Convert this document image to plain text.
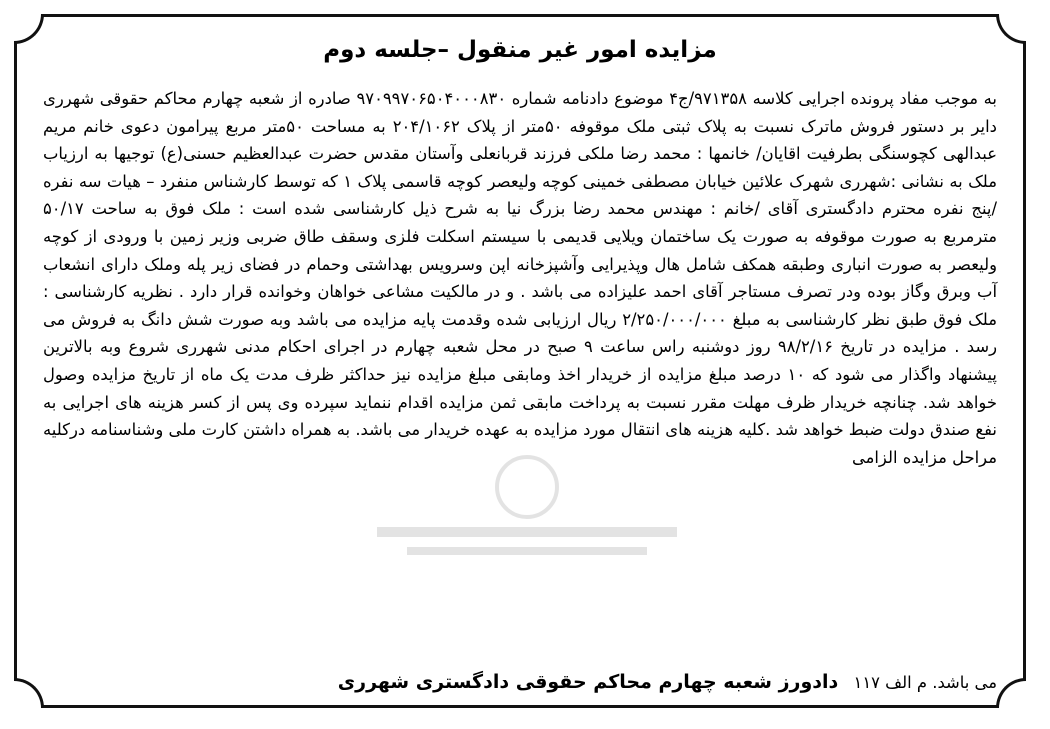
مزایده امور غیر منقول –جلسه دوم
به موجب مفاد پرونده اجرایی کلاسه ۹۷۱۳۵۸/ج۴ موضوع دادنامه شماره ۹۷۰۹۹۷۰۶۵۰۴۰۰۰۸۳۰ صادره از شعبه چهارم محاکم حقوقی شهرری دایر بر دستور فروش ماترک نسبت به پلاک ثبتی ملک موقوفه ۵۰متر از پلاک ۲۰۴/۱۰۶۲ به مساحت ۵۰متر مربع پیرامون دعوی خانم مریم عبدالهی کچوسنگی بطرفیت اقایان/ خانمها : محمد رضا ملکی فرزند قربانعلی وآستان مقدس حضرت عبدالعظیم حسنی(ع) توجیها به ارزیاب ملک به نشانی :شهرری شهرک علائین خیابان مصطفی خمینی کوچه ولیعصر کوچه قاسمی پلاک ۱ که توسط کارشناس منفرد – هیات سه نفره /پنج نفره محترم دادگستری آقای /خانم : مهندس محمد رضا بزرگ نیا به شرح ذیل کارشناسی شده است : ملک فوق به ساحت ۵۰/۱۷ مترمربع به صورت موقوفه به صورت یک ساختمان ویلایی قدیمی با سیستم اسکلت فلزی وسقف طاق ضربی وزیر زمین با ورودی از کوچه ولیعصر به صورت انباری وطبقه همکف شامل هال وپذیرایی وآشپزخانه اپن وسرویس بهداشتی وحمام در فضای زیر پله وملک دارای انشعاب آب وبرق وگاز بوده ودر تصرف مستاجر آقای احمد علیزاده می باشد . و در مالکیت مشاعی خواهان وخوانده قرار دارد . نظریه کارشناسی : ملک فوق طبق نظر کارشناسی به مبلغ ۲/۲۵۰/۰۰۰/۰۰۰ ریال ارزیابی شده وقدمت پایه مزایده می باشد وبه صورت شش دانگ به فروش می رسد . مزایده در تاریخ ۹۸/۲/۱۶ روز دوشنبه راس ساعت ۹ صبح در محل شعبه چهارم در اجرای احکام مدنی شهرری شروع وبه بالاترین پیشنهاد واگذار می شود که ۱۰ درصد مبلغ مزایده از خریدار اخذ ومابقی مبلغ مزایده نیز حداکثر ظرف مدت یک ماه از تاریخ مزایده وصول خواهد شد. چنانچه خریدار ظرف مهلت مقرر نسبت به پرداخت مابقی ثمن مزایده اقدام ننماید سپرده وی پس از کسر هزینه های اجرایی به نفع صندق دولت ضبط خواهد شد .کلیه هزینه های انتقال مورد مزایده به عهده خریدار می باشد. به همراه داشتن کارت ملی وشناسنامه درکلیه مراحل مزایده الزامی
می باشد. م الف ۱۱۷ دادورز شعبه چهارم محاکم حقوقی دادگستری شهرری
